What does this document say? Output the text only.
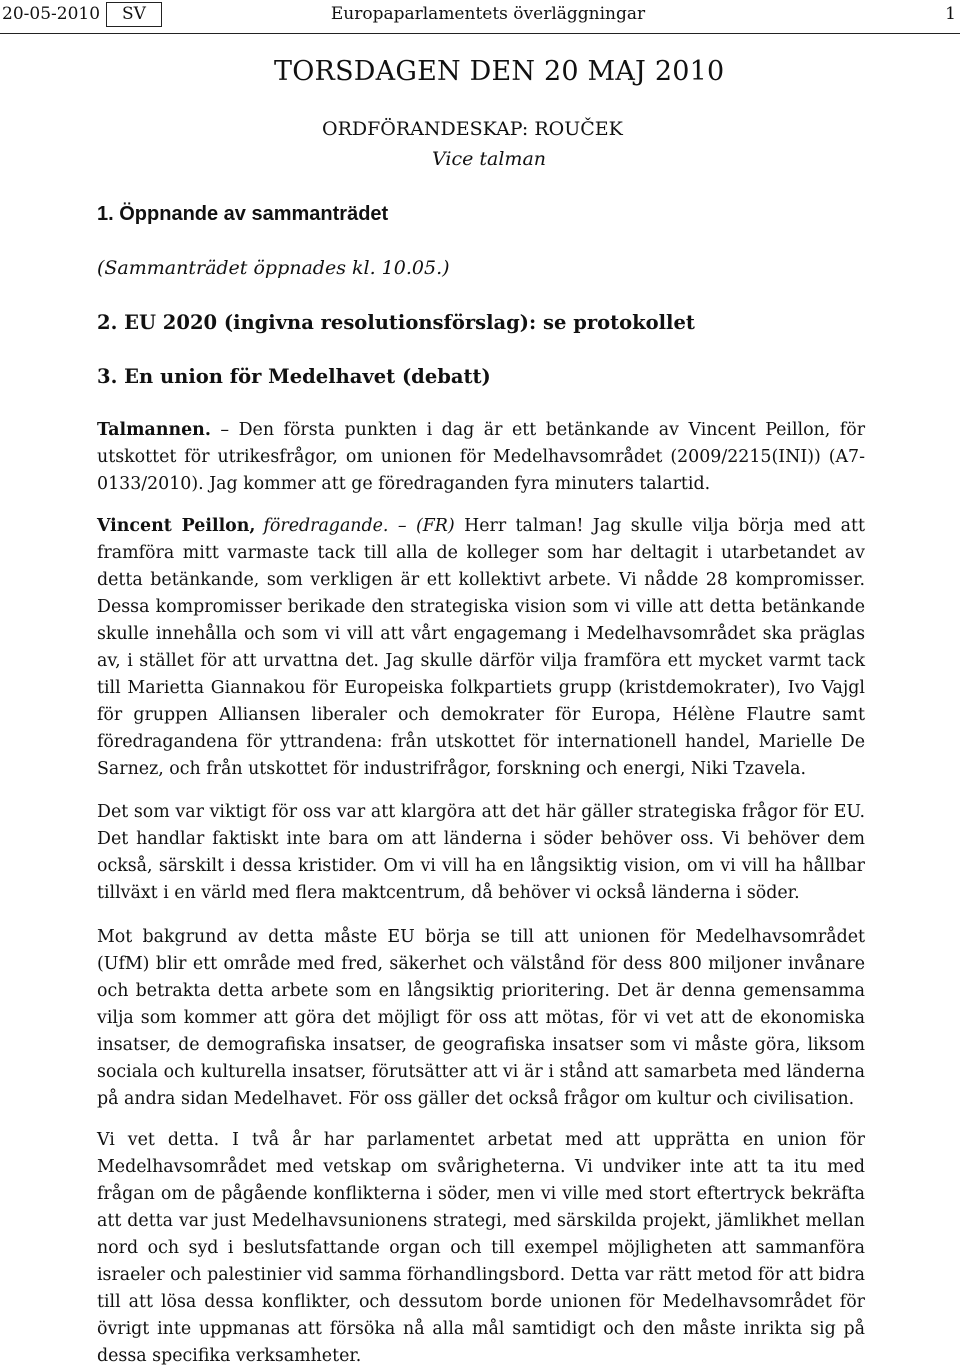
20-05-2010	SV	Europaparlamentets överläggningar	1
TORSDAGEN DEN 20 MAJ 2010
ORDFÖRANDESKAP: ROUČEK
Vice talman
1. Öppnande av sammanträdet
(Sammanträdet öppnades kl. 10.05.)
2. EU 2020 (ingivna resolutionsförslag): se protokollet
3. En union för Medelhavet (debatt)
Talmannen. – Den första punkten i dag är ett betänkande av Vincent Peillon, för utskottet för utrikesfrågor, om unionen för Medelhavsområdet (2009/2215(INI)) (A7-0133/2010). Jag kommer att ge föredraganden fyra minuters talartid.
Vincent Peillon, föredragande. – (FR) Herr talman! Jag skulle vilja börja med att framföra mitt varmaste tack till alla de kolleger som har deltagit i utarbetandet av detta betänkande, som verkligen är ett kollektivt arbete. Vi nådde 28 kompromisser. Dessa kompromisser berikade den strategiska vision som vi ville att detta betänkande skulle innehålla och som vi vill att vårt engagemang i Medelhavsområdet ska präglas av, i stället för att urvattna det. Jag skulle därför vilja framföra ett mycket varmt tack till Marietta Giannakou för Europeiska folkpartiets grupp (kristdemokrater), Ivo Vajgl för gruppen Alliansen liberaler och demokrater för Europa, Hélène Flautre samt föredragandena för yttrandena: från utskottet för internationell handel, Marielle De Sarnez, och från utskottet för industrifrågor, forskning och energi, Niki Tzavela.
Det som var viktigt för oss var att klargöra att det här gäller strategiska frågor för EU. Det handlar faktiskt inte bara om att länderna i söder behöver oss. Vi behöver dem också, särskilt i dessa kristider. Om vi vill ha en långsiktig vision, om vi vill ha hållbar tillväxt i en värld med flera maktcentrum, då behöver vi också länderna i söder.
Mot bakgrund av detta måste EU börja se till att unionen för Medelhavsområdet (UfM) blir ett område med fred, säkerhet och välstånd för dess 800 miljoner invånare och betrakta detta arbete som en långsiktig prioritering. Det är denna gemensamma vilja som kommer att göra det möjligt för oss att mötas, för vi vet att de ekonomiska insatser, de demografiska insatser, de geografiska insatser som vi måste göra, liksom sociala och kulturella insatser, förutsätter att vi är i stånd att samarbeta med länderna på andra sidan Medelhavet. För oss gäller det också frågor om kultur och civilisation.
Vi vet detta. I två år har parlamentet arbetat med att upprätta en union för Medelhavsområdet med vetskap om svårigheterna. Vi undviker inte att ta itu med frågan om de pågående konflikterna i söder, men vi ville med stort eftertryck bekräfta att detta var just Medelhavsunionens strategi, med särskilda projekt, jämlikhet mellan nord och syd i beslutsfattande organ och till exempel möjligheten att sammanföra israeler och palestinier vid samma förhandlingsbord. Detta var rätt metod för att bidra till att lösa dessa konflikter, och dessutom borde unionen för Medelhavsområdet för övrigt inte uppmanas att försöka nå alla mål samtidigt och den måste inrikta sig på dessa specifika verksamheter.
